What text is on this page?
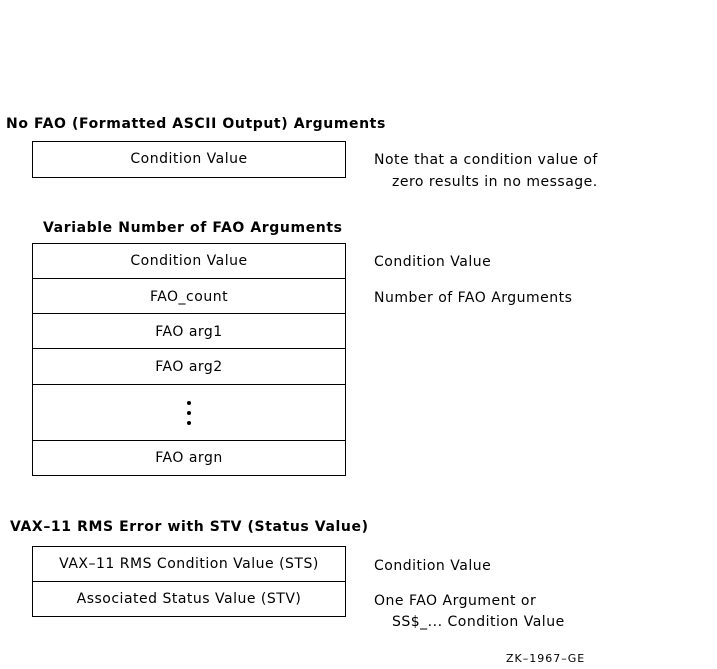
No FAO (Formatted ASCII Output) Arguments
Condition Value	Note that a condition value of
zero results in no message.
Variable Number of FAO Arguments
Condition Value
FAO_count
FAO arg1
FAO arg2
FAO argn
Condition Value
Number of FAO Arguments
VAX–11 RMS Error with STV (Status Value)
VAX–11 RMS Condition Value (STS)
Associated Status Value (STV)
Condition Value
One FAO Argument or
SS$_... Condition Value
ZK–1967–GE
